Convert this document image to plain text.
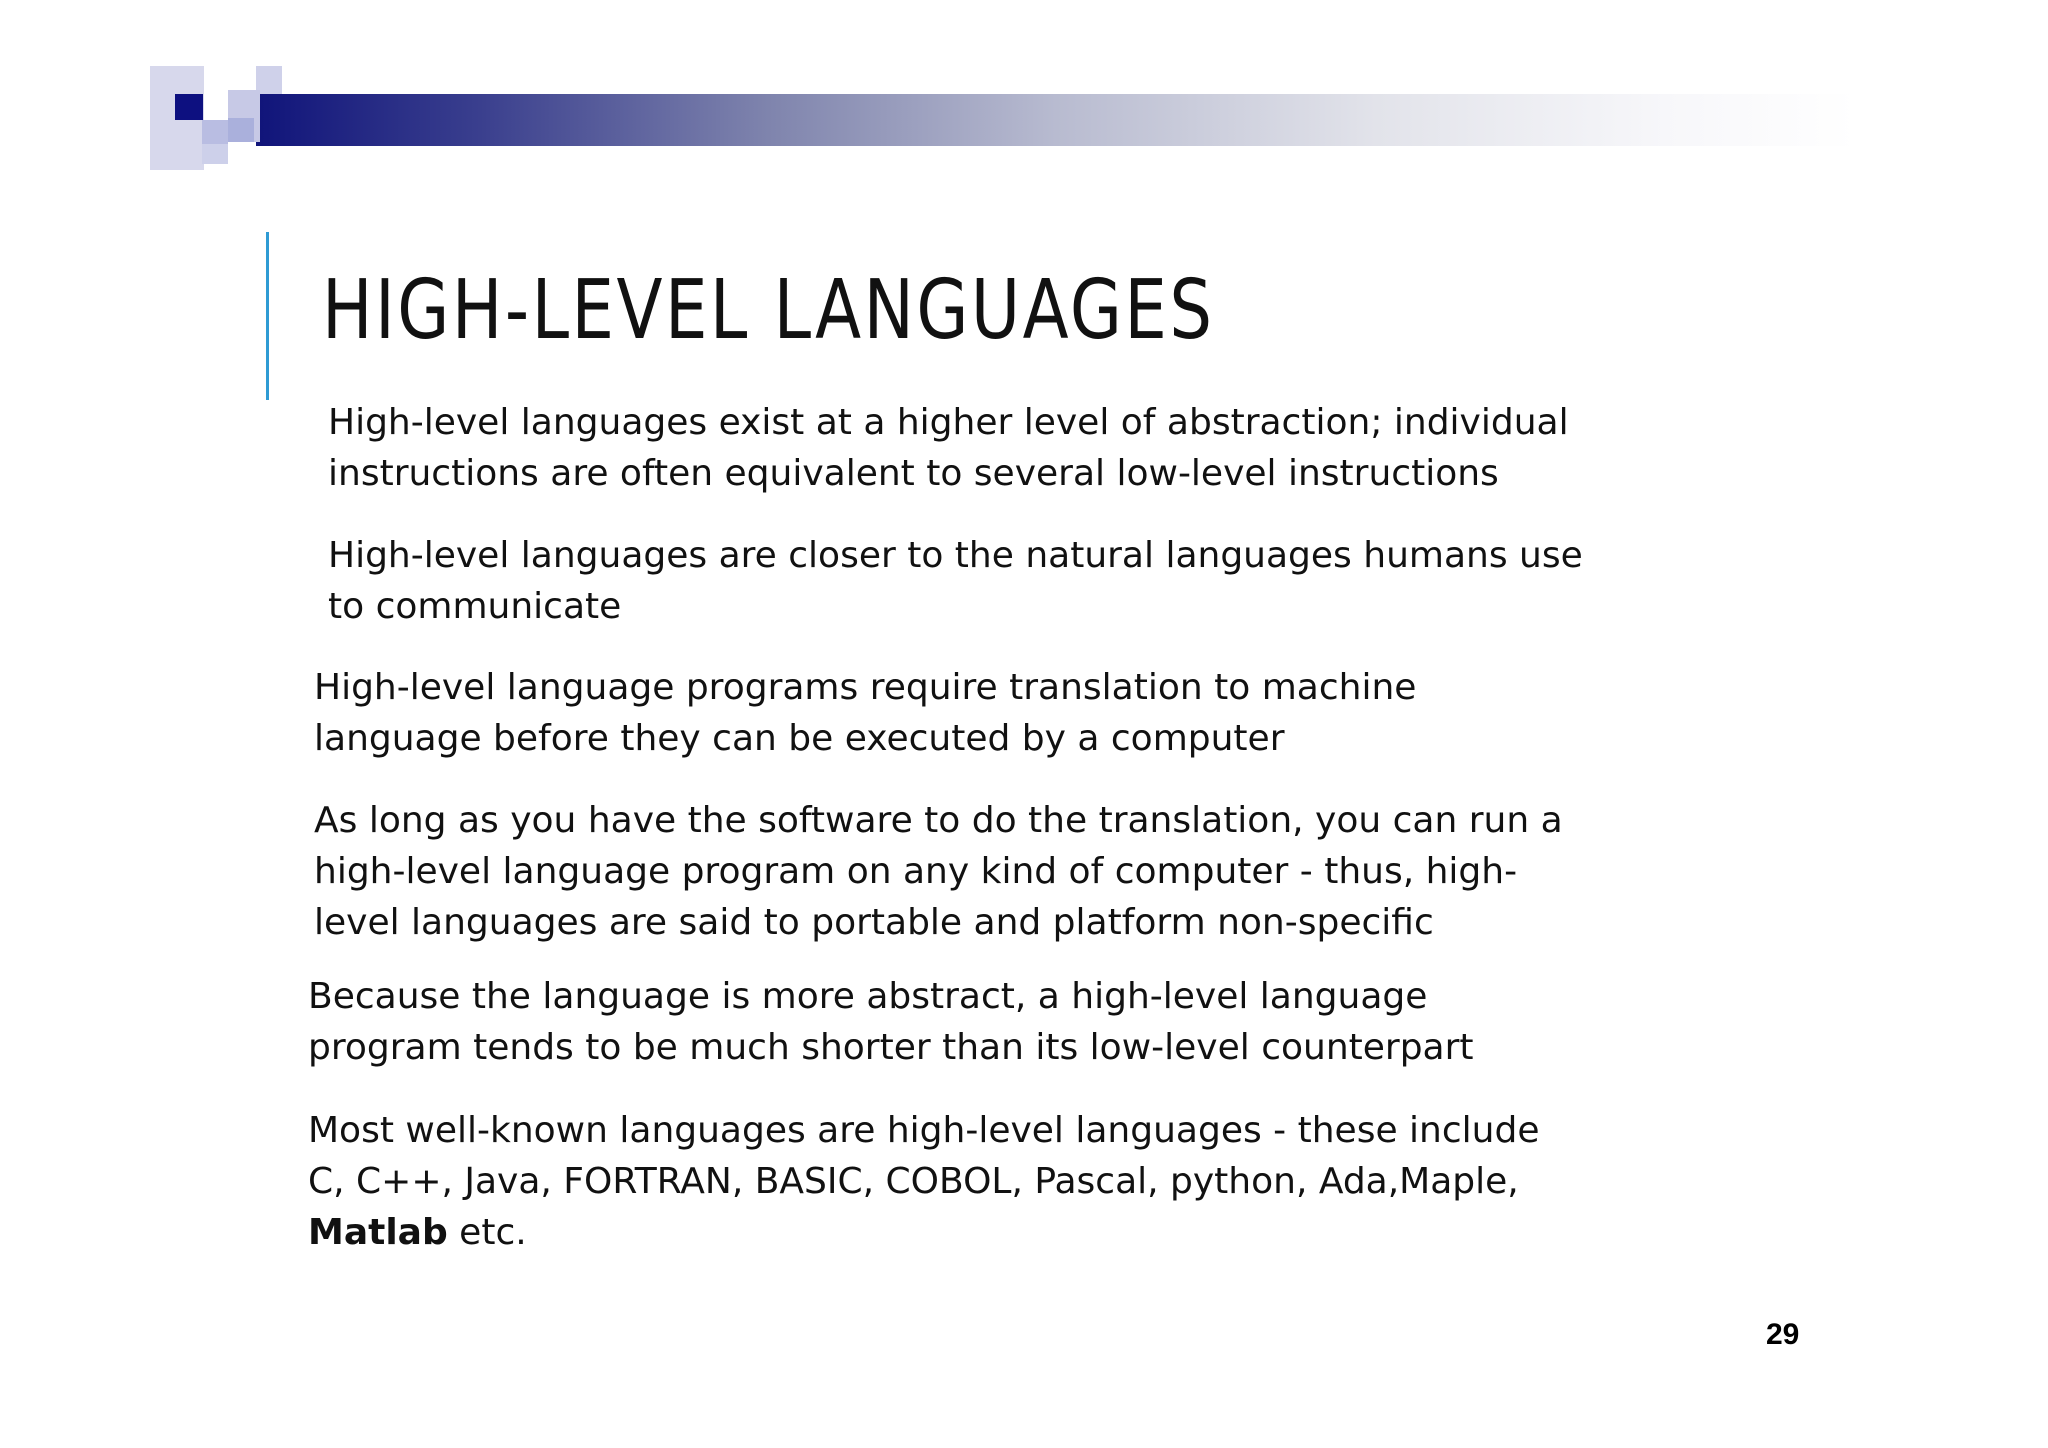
HIGH-LEVEL LANGUAGES

High-level languages exist at a higher level of abstraction; individual
instructions are often equivalent to several low-level instructions

High-level languages are closer to the natural languages humans use
to communicate

High-level language programs require translation to machine
language before they can be executed by a computer

As long as you have the software to do the translation, you can run a
high-level language program on any kind of computer - thus, high-
level languages are said to portable and platform non-specific

Because the language is more abstract, a high-level language
program tends to be much shorter than its low-level counterpart

Most well-known languages are high-level languages - these include
C, C++, Java, FORTRAN, BASIC, COBOL, Pascal, python, Ada,Maple,
Matlab etc.

29
